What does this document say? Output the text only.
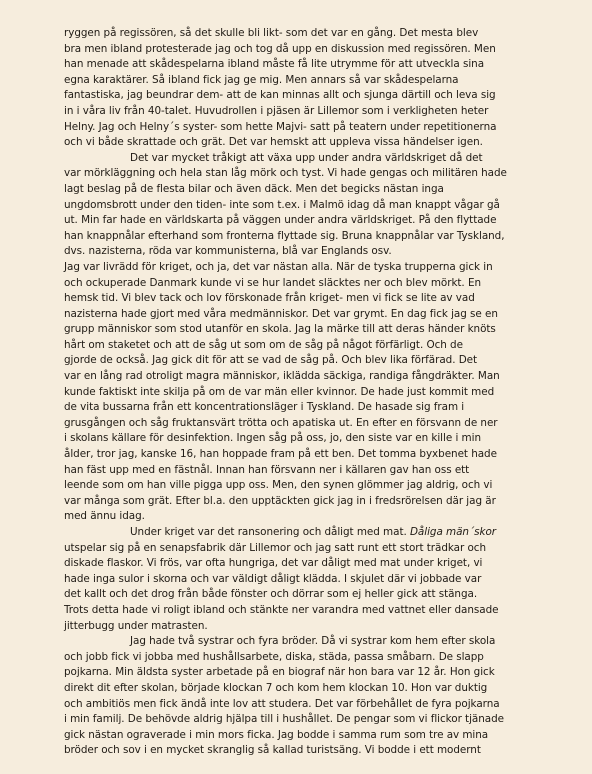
ryggen på regissören, så det skulle bli likt- som det var en gång. Det mesta blev
bra men ibland protesterade jag och tog då upp en diskussion med regissören. Men
han menade att skådespelarna ibland måste få lite utrymme för att utveckla sina
egna karaktärer. Så ibland fick jag ge mig. Men annars så var skådespelarna
fantastiska, jag beundrar dem- att de kan minnas allt och sjunga därtill och leva sig
in i våra liv från 40-talet. Huvudrollen i pjäsen är Lillemor som i verkligheten heter
Helny. Jag och Helny´s syster- som hette Majvi- satt på teatern under repetitionerna
och vi både skrattade och grät. Det var hemskt att uppleva vissa händelser igen.
Det var mycket tråkigt att växa upp under andra världskriget då det
var mörkläggning och hela stan låg mörk och tyst. Vi hade gengas och militären hade
lagt beslag på de flesta bilar och även däck. Men det begicks nästan inga
ungdomsbrott under den tiden- inte som t.ex. i Malmö idag då man knappt vågar gå
ut. Min far hade en världskarta på väggen under andra världskriget. På den flyttade
han knappnålar efterhand som fronterna flyttade sig. Bruna knappnålar var Tyskland,
dvs. nazisterna, röda var kommunisterna, blå var Englands osv.
Jag var livrädd för kriget, och ja, det var nästan alla. När de tyska trupperna gick in
och ockuperade Danmark kunde vi se hur landet släcktes ner och blev mörkt. En
hemsk tid. Vi blev tack och lov förskonade från kriget- men vi fick se lite av vad
nazisterna hade gjort med våra medmänniskor. Det var grymt. En dag fick jag se en
grupp människor som stod utanför en skola. Jag la märke till att deras händer knöts
hårt om staketet och att de såg ut som om de såg på något förfärligt. Och de
gjorde de också. Jag gick dit för att se vad de såg på. Och blev lika förfärad. Det
var en lång rad otroligt magra människor, iklädda säckiga, randiga fångdräkter. Man
kunde faktiskt inte skilja på om de var män eller kvinnor. De hade just kommit med
de vita bussarna från ett koncentrationsläger i Tyskland. De hasade sig fram i
grusgången och såg fruktansvärt trötta och apatiska ut. En efter en försvann de ner
i skolans källare för desinfektion. Ingen såg på oss, jo, den siste var en kille i min
ålder, tror jag, kanske 16, han hoppade fram på ett ben. Det tomma byxbenet hade
han fäst upp med en fästnål. Innan han försvann ner i källaren gav han oss ett
leende som om han ville pigga upp oss. Men, den synen glömmer jag aldrig, och vi
var många som grät. Efter bl.a. den upptäckten gick jag in i fredsrörelsen där jag är
med ännu idag.
Under kriget var det ransonering och dåligt med mat. Dåliga män´skor
utspelar sig på en senapsfabrik där Lillemor och jag satt runt ett stort trädkar och
diskade flaskor. Vi frös, var ofta hungriga, det var dåligt med mat under kriget, vi
hade inga sulor i skorna och var väldigt dåligt klädda. I skjulet där vi jobbade var
det kallt och det drog från både fönster och dörrar som ej heller gick att stänga.
Trots detta hade vi roligt ibland och stänkte ner varandra med vattnet eller dansade
jitterbugg under matrasten.
Jag hade två systrar och fyra bröder. Då vi systrar kom hem efter skola
och jobb fick vi jobba med hushållsarbete, diska, städa, passa småbarn. De slapp
pojkarna. Min äldsta syster arbetade på en biograf när hon bara var 12 år. Hon gick
direkt dit efter skolan, började klockan 7 och kom hem klockan 10. Hon var duktig
och ambitiös men fick ändå inte lov att studera. Det var förbehållet de fyra pojkarna
i min familj. De behövde aldrig hjälpa till i hushållet. De pengar som vi flickor tjänade
gick nästan ograverade i min mors ficka. Jag bodde i samma rum som tre av mina
bröder och sov i en mycket skranglig så kallad turistsäng. Vi bodde i ett modernt
